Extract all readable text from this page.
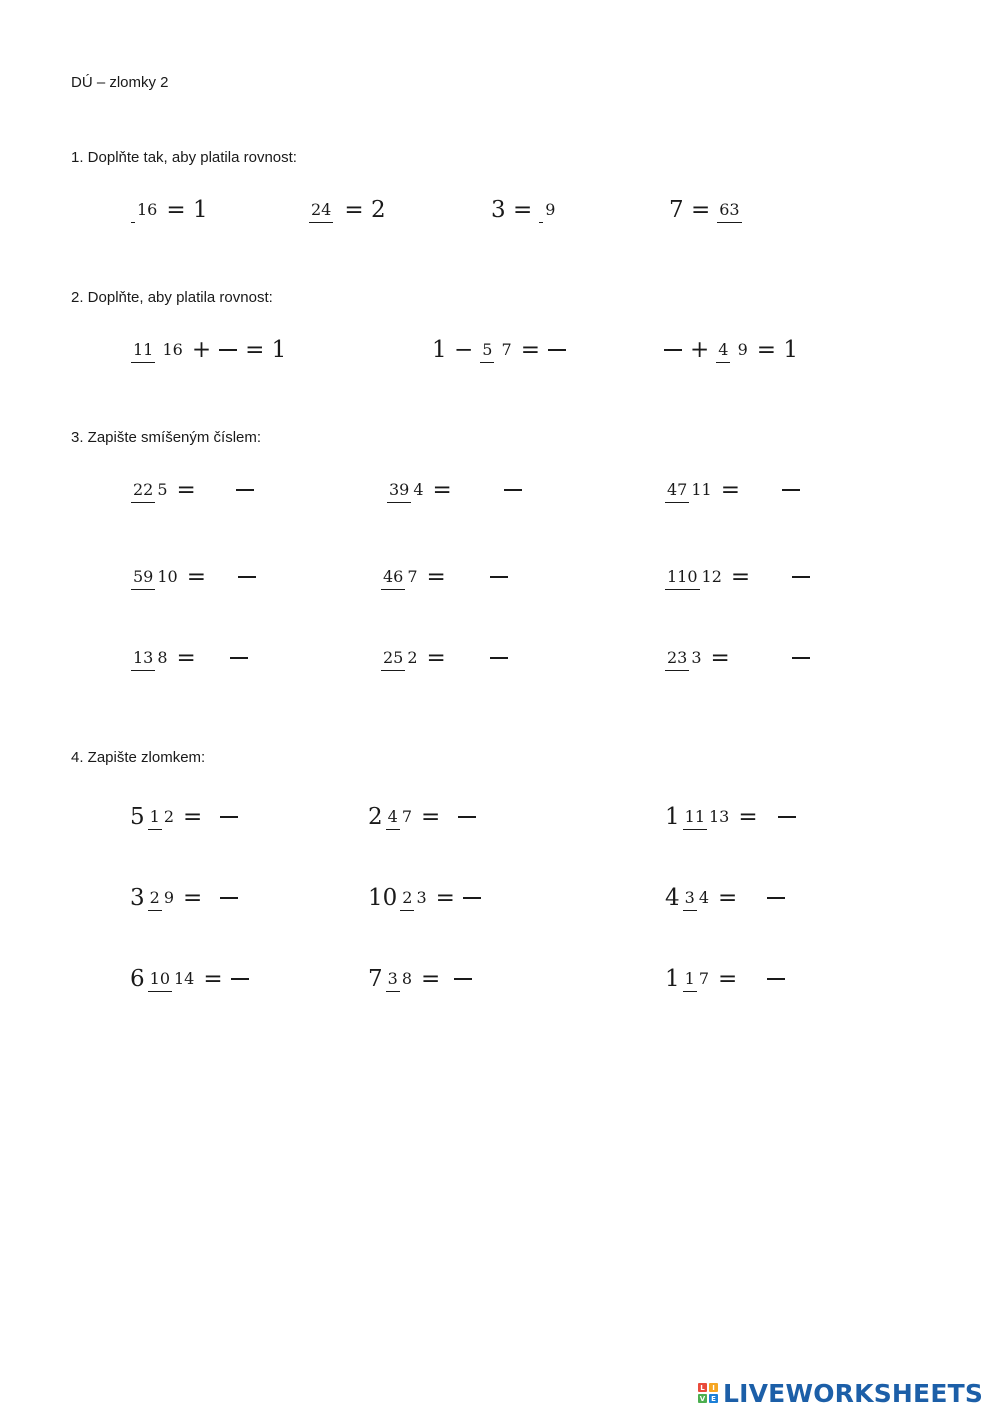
DÚ – zlomky 2
1. Doplňte tak, aby platila rovnost:
16 = 1	24 = 2	3 = 9	7 = 63
2. Doplňte, aby platila rovnost:
11 16 + = 1	1 − 5 7 =	+ 4 9 = 1
3. Zapište smíšeným číslem:
22 5 =	39 4 =	47 11 =
59 10 =	46 7 =	110 12 =
13 8 =	25 2 =	23 3 =
4. Zapište zlomkem:
5 1 2 =	2 4 7 =	1 11 13 =
3 2 9 =	10 2 3 =	4 3 4 =
6 10 14 =	7 3 8 =	1 1 7 =
L	I
V E LIVEWORKSHEETS
